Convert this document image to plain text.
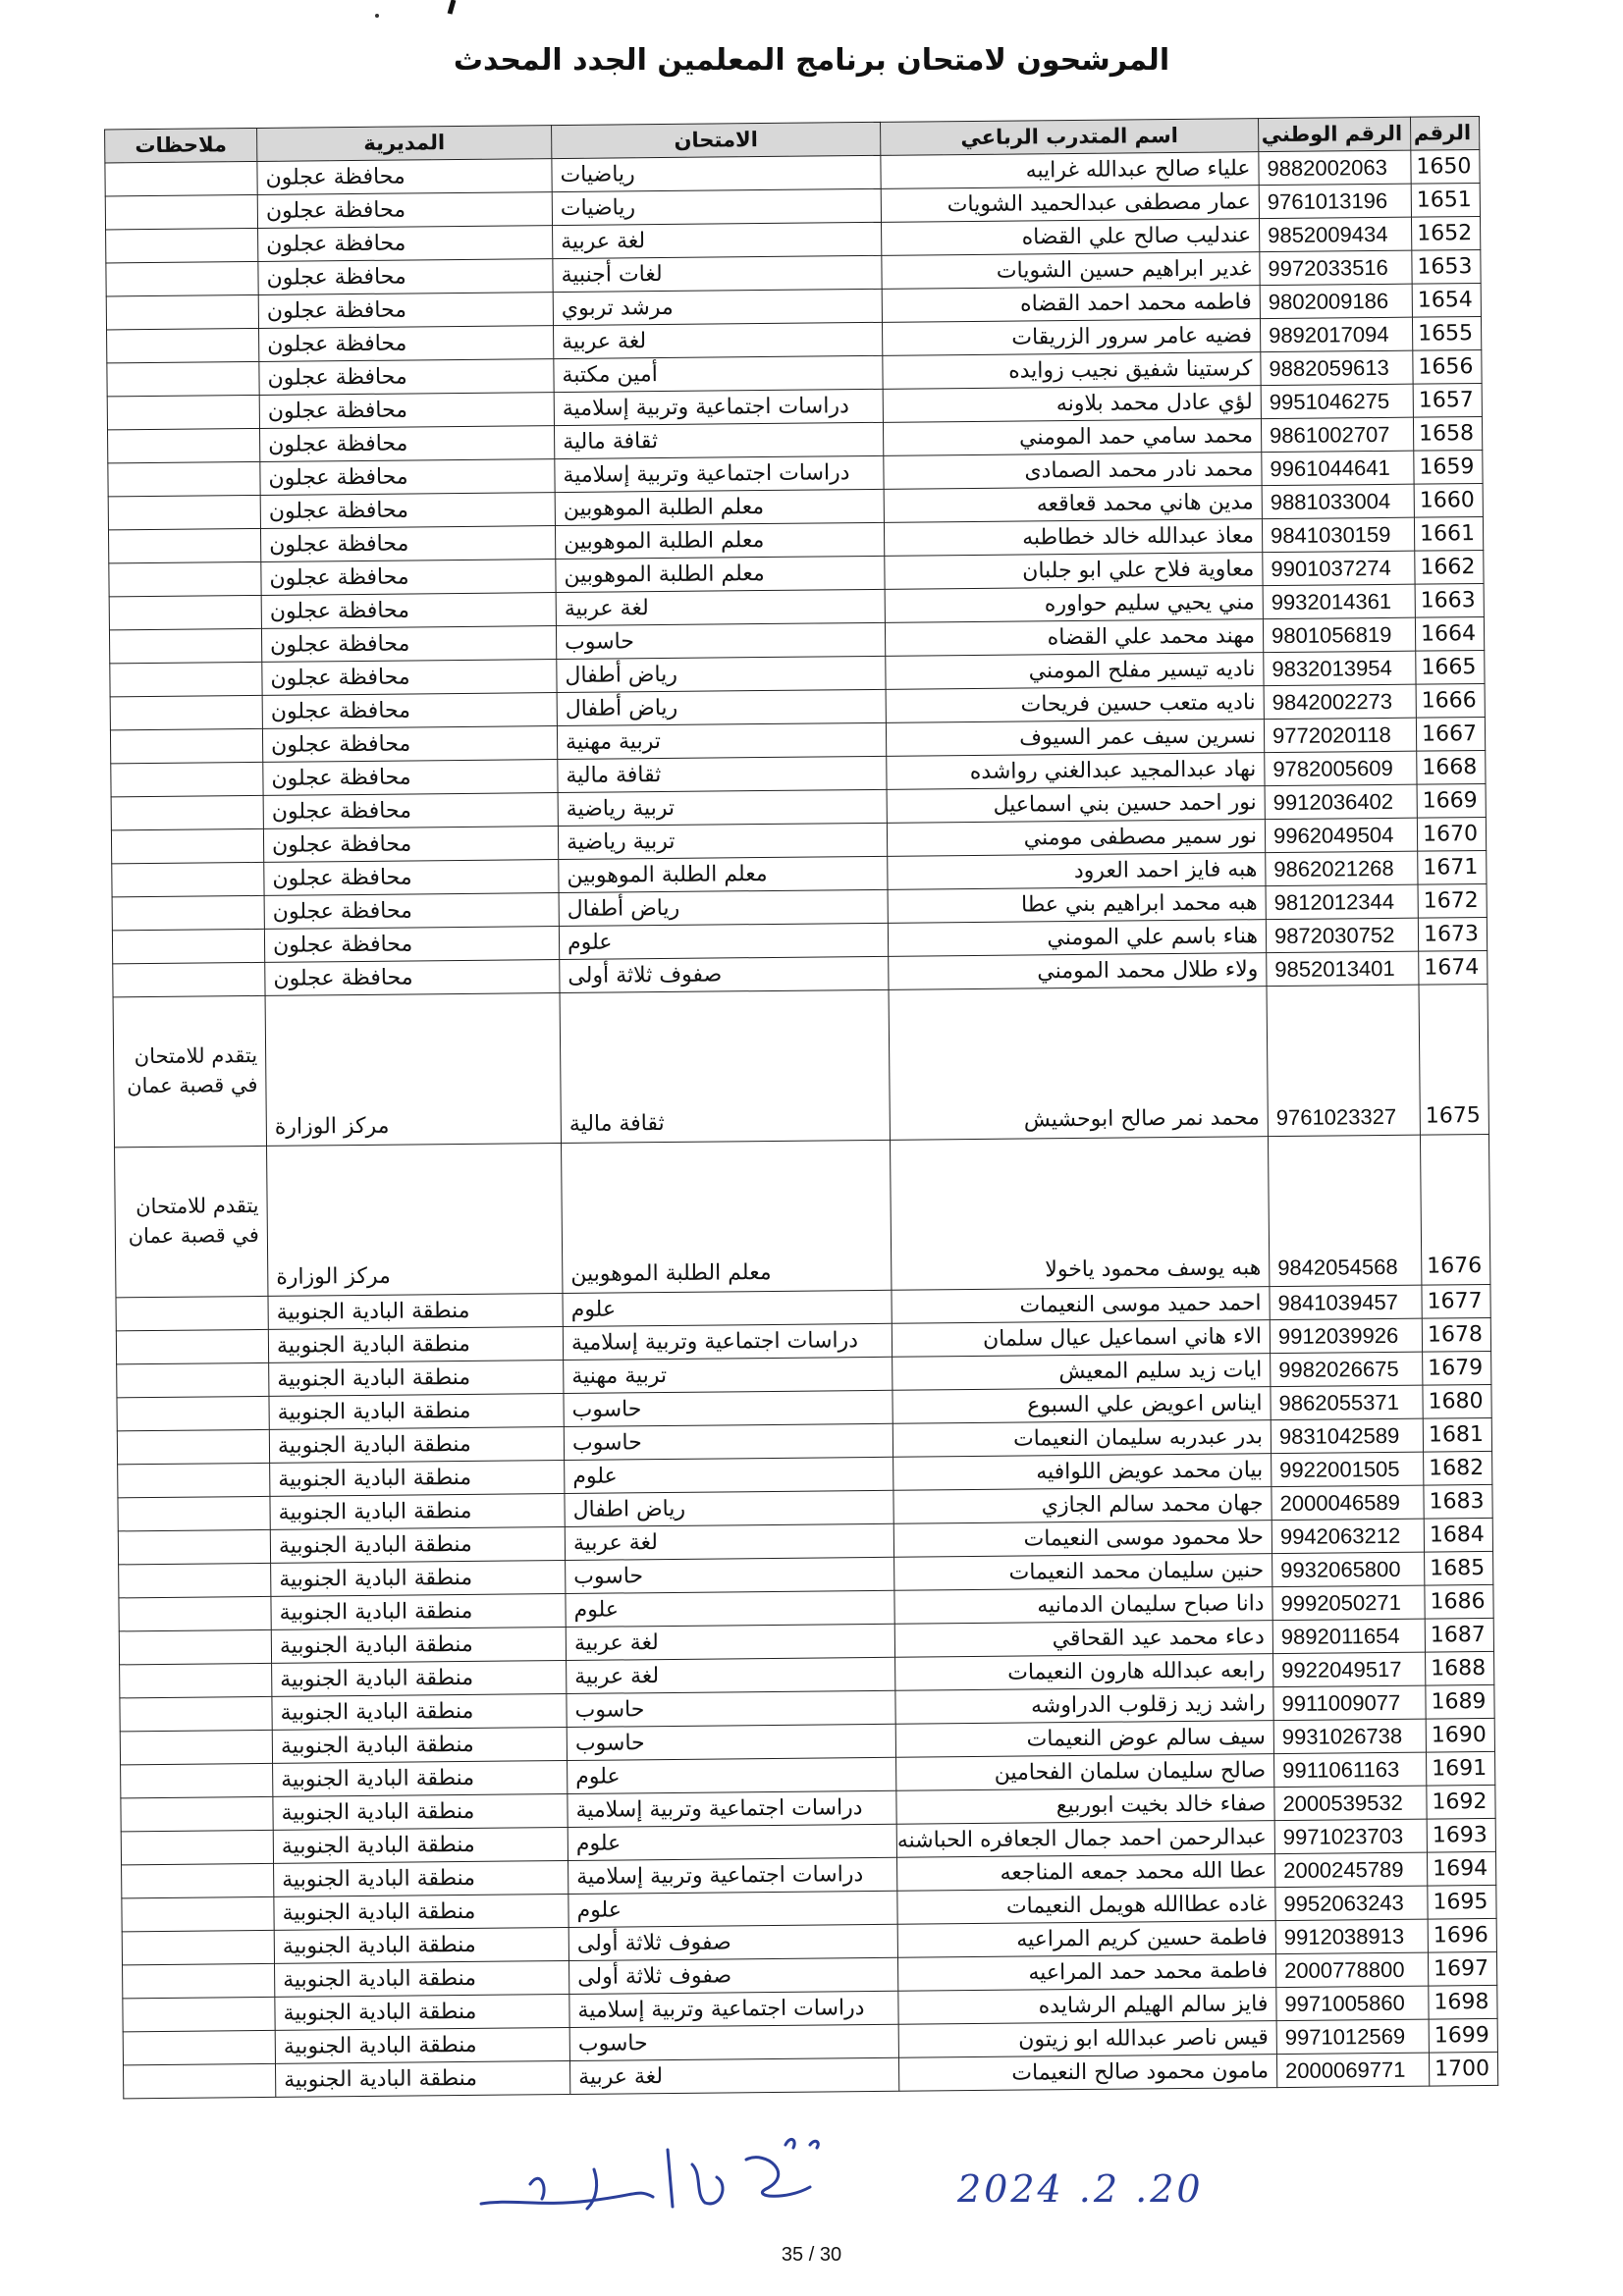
المرشحون لامتحان برنامج المعلمين الجدد المحدث
الرقم	الرقم الوطني	اسم المتدرب الرباعي	الامتحان	المديرية	ملاحظات
1650	9882002063	علياء صالح عبدالله غرايبه	رياضيات	محافظة عجلون	
1651	9761013196	عمار مصطفى عبدالحميد الشويات	رياضيات	محافظة عجلون	
1652	9852009434	عندليب صالح علي القضاه	لغة عربية	محافظة عجلون	
1653	9972033516	غدير ابراهيم حسين الشويات	لغات أجنبية	محافظة عجلون	
1654	9802009186	فاطمه محمد احمد القضاه	مرشد تربوي	محافظة عجلون	
1655	9892017094	فضيه عامر سرور الزريقات	لغة عربية	محافظة عجلون	
1656	9882059613	كرستينا شفيق نجيب زوايده	أمين مكتبة	محافظة عجلون	
1657	9951046275	لؤي عادل محمد بلاونه	دراسات اجتماعية وتربية إسلامية	محافظة عجلون	
1658	9861002707	محمد سامي حمد المومني	ثقافة مالية	محافظة عجلون	
1659	9961044641	محمد نادر محمد الصمادى	دراسات اجتماعية وتربية إسلامية	محافظة عجلون	
1660	9881033004	مدين هاني محمد قعاقعه	معلم الطلبة الموهوبين	محافظة عجلون	
1661	9841030159	معاذ عبدالله خالد خطاطبه	معلم الطلبة الموهوبين	محافظة عجلون	
1662	9901037274	معاوية فلاح علي ابو جلبان	معلم الطلبة الموهوبين	محافظة عجلون	
1663	9932014361	مني يحيي سليم حواوره	لغة عربية	محافظة عجلون	
1664	9801056819	مهند محمد علي القضاه	حاسوب	محافظة عجلون	
1665	9832013954	ناديه تيسير مفلح المومني	رياض أطفال	محافظة عجلون	
1666	9842002273	ناديه متعب حسين فريحات	رياض أطفال	محافظة عجلون	
1667	9772020118	نسرين سيف عمر السيوف	تربية مهنية	محافظة عجلون	
1668	9782005609	نهاد عبدالمجيد عبدالغني رواشده	ثقافة مالية	محافظة عجلون	
1669	9912036402	نور احمد حسين بني اسماعيل	تربية رياضية	محافظة عجلون	
1670	9962049504	نور سمير مصطفى مومني	تربية رياضية	محافظة عجلون	
1671	9862021268	هبه فايز احمد العرود	معلم الطلبة الموهوبين	محافظة عجلون	
1672	9812012344	هبه محمد ابراهيم بني عطا	رياض أطفال	محافظة عجلون	
1673	9872030752	هناء باسم علي المومني	علوم	محافظة عجلون	
1674	9852013401	ولاء طلال محمد المومني	صفوف ثلاثة أولى	محافظة عجلون	
1675	9761023327	محمد نمر صالح ابوحشيش	ثقافة مالية	مركز الوزارة	يتقدم للامتحان في قصبة عمان
1676	9842054568	هبه يوسف محمود ياخولا	معلم الطلبة الموهوبين	مركز الوزارة	يتقدم للامتحان في قصبة عمان
1677	9841039457	احمد حميد موسى النعيمات	علوم	منطقة البادية الجنوبية	
1678	9912039926	الاء هاني اسماعيل عيال سلمان	دراسات اجتماعية وتربية إسلامية	منطقة البادية الجنوبية	
1679	9982026675	ايات زيد سليم المعيش	تربية مهنية	منطقة البادية الجنوبية	
1680	9862055371	ايناس اعويض علي السبوع	حاسوب	منطقة البادية الجنوبية	
1681	9831042589	بدر عبدربه سليمان النعيمات	حاسوب	منطقة البادية الجنوبية	
1682	9922001505	بيان محمد عويض اللوافيه	علوم	منطقة البادية الجنوبية	
1683	2000046589	جهان محمد سالم الجازي	رياض اطفال	منطقة البادية الجنوبية	
1684	9942063212	حلا محمود موسى النعيمات	لغة عربية	منطقة البادية الجنوبية	
1685	9932065800	حنين سليمان محمد النعيمات	حاسوب	منطقة البادية الجنوبية	
1686	9992050271	دانا صباح سليمان الدمانيه	علوم	منطقة البادية الجنوبية	
1687	9892011654	دعاء محمد عيد القحاقي	لغة عربية	منطقة البادية الجنوبية	
1688	9922049517	رابعه عبدالله هارون النعيمات	لغة عربية	منطقة البادية الجنوبية	
1689	9911009077	راشد زيد زقلوب الدراوشه	حاسوب	منطقة البادية الجنوبية	
1690	9931026738	سيف سالم عوض النعيمات	حاسوب	منطقة البادية الجنوبية	
1691	9911061163	صالح سليمان سلمان الفحامين	علوم	منطقة البادية الجنوبية	
1692	2000539532	صفاء خالد بخيت ابوربيع	دراسات اجتماعية وتربية إسلامية	منطقة البادية الجنوبية	
1693	9971023703	عبدالرحمن احمد جمال الجعافره الحباشنه	علوم	منطقة البادية الجنوبية	
1694	2000245789	عطا الله محمد جمعه المناجعه	دراسات اجتماعية وتربية إسلامية	منطقة البادية الجنوبية	
1695	9952063243	غاده عطاالله هويمل النعيمات	علوم	منطقة البادية الجنوبية	
1696	9912038913	فاطمة حسين كريم المراعيه	صفوف ثلاثة أولى	منطقة البادية الجنوبية	
1697	2000778800	فاطمة محمد حمد المراعيه	صفوف ثلاثة أولى	منطقة البادية الجنوبية	
1698	9971005860	فايز سالم الهيلم الرشايده	دراسات اجتماعية وتربية إسلامية	منطقة البادية الجنوبية	
1699	9971012569	قيس ناصر عبدالله ابو زيتون	حاسوب	منطقة البادية الجنوبية	
1700	2000069771	مامون محمود صالح النعيمات	لغة عربية	منطقة البادية الجنوبية	
20. 2. 2024
30 / 35
